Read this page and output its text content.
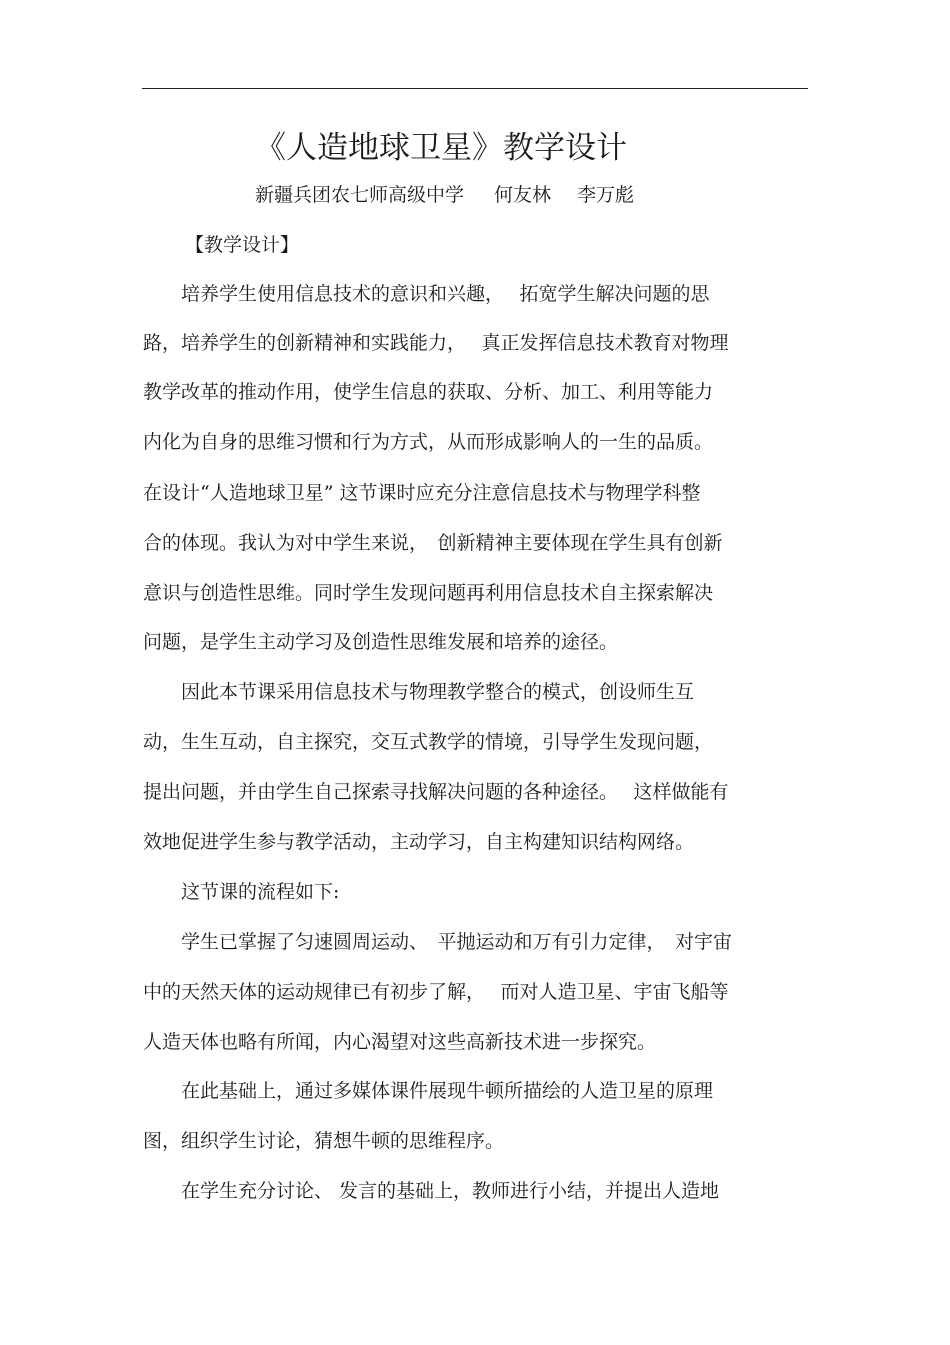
《人造地球卫星》教学设计
新疆兵团农七师高级中学 何友林 李万彪
【教学设计】
　　培养学生使用信息技术的意识和兴趣，　 拓宽学生解决问题的思
路，培养学生的创新精神和实践能力，　 真正发挥信息技术教育对物理
教学改革的推动作用，使学生信息的获取、分析、加工、利用等能力
内化为自身的思维习惯和行为方式，从而形成影响人的一生的品质。
在设计“人造地球卫星” 这节课时应充分注意信息技术与物理学科整
合的体现。我认为对中学生来说，　创新精神主要体现在学生具有创新
意识与创造性思维。同时学生发现问题再利用信息技术自主探索解决
问题，是学生主动学习及创造性思维发展和培养的途径。
　　因此本节课采用信息技术与物理教学整合的模式，创设师生互
动，生生互动，自主探究，交互式教学的情境，引导学生发现问题，
提出问题，并由学生自己探索寻找解决问题的各种途径。　 这样做能有
效地促进学生参与教学活动，主动学习，自主构建知识结构网络。
　　这节课的流程如下:
　　学生已掌握了匀速圆周运动、　平抛运动和万有引力定律，　对宇宙
中的天然天体的运动规律已有初步了解，　 而对人造卫星、宇宙飞船等
人造天体也略有所闻，内心渴望对这些高新技术进一步探究。
　　在此基础上，通过多媒体课件展现牛顿所描绘的人造卫星的原理
图，组织学生讨论，猜想牛顿的思维程序。
　　在学生充分讨论、 发言的基础上，教师进行小结，并提出人造地
